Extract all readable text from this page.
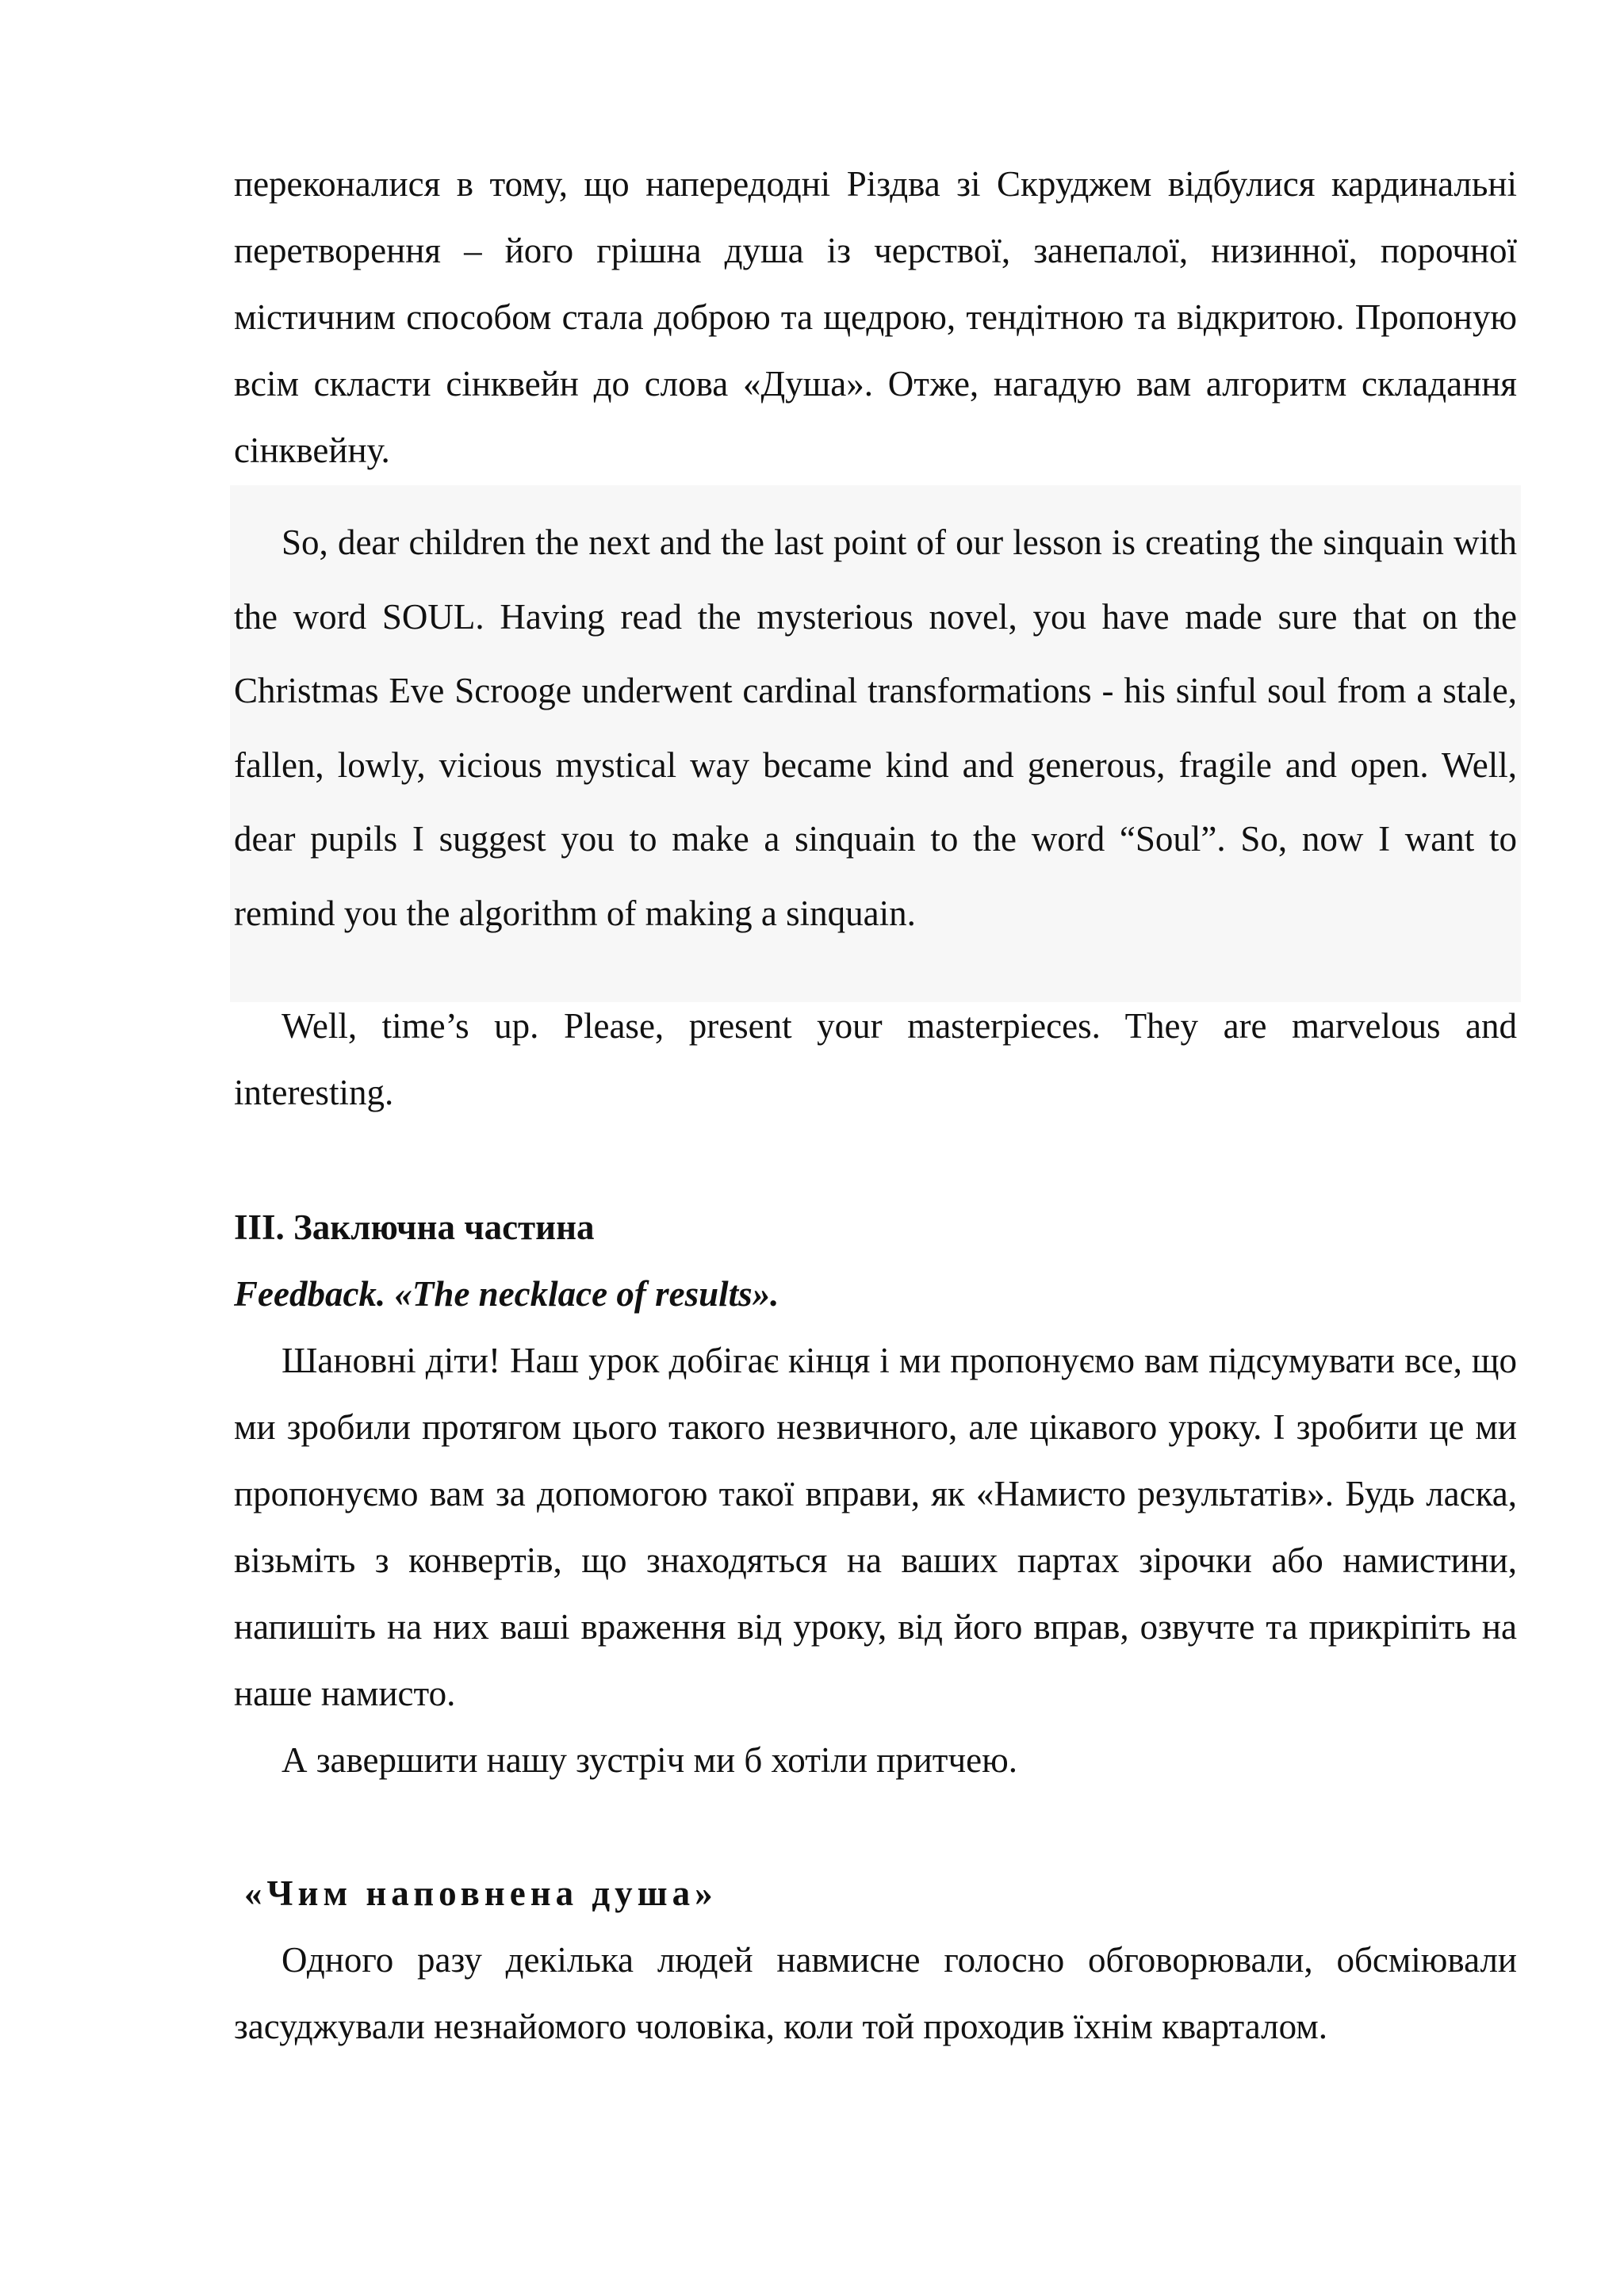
переконалися в тому, що напередодні Різдва зі Скруджем відбулися кардинальні перетворення – його грішна душа із черствої, занепалої, низинної, порочної містичним способом стала доброю та щедрою, тендітною та відкритою. Пропоную всім скласти сінквейн до слова «Душа». Отже, нагадую вам алгоритм складання сінквейну.

So, dear children the next and the last point of our lesson is creating the sinquain with the word SOUL. Having read the mysterious novel, you have made sure that on the Christmas Eve Scrooge underwent cardinal transformations - his sinful soul from a stale, fallen, lowly, vicious mystical way became kind and generous, fragile and open. Well, dear pupils I suggest you to make a sinquain to the word “Soul”. So, now I want to remind you the algorithm of making a sinquain.

Well, time’s up. Please, present your masterpieces. They are marvelous and interesting.

ІІІ. Заключна частина
Feedback. «The necklace of results».

Шановні діти! Наш урок добігає кінця і ми пропонуємо вам підсумувати все, що ми зробили протягом цього такого незвичного, але цікавого уроку. І зробити це ми пропонуємо вам за допомогою такої вправи, як «Намисто результатів». Будь ласка, візьміть з конвертів, що знаходяться на ваших партах зірочки або намистини, напишіть на них ваші враження від уроку, від його вправ, озвучте та прикріпіть на наше намисто.

А завершити нашу зустріч ми б хотіли притчею.

«Чим наповнена душа»

Одного разу декілька людей навмисне голосно обговорювали, обсміювали засуджували незнайомого чоловіка, коли той проходив їхнім кварталом.
